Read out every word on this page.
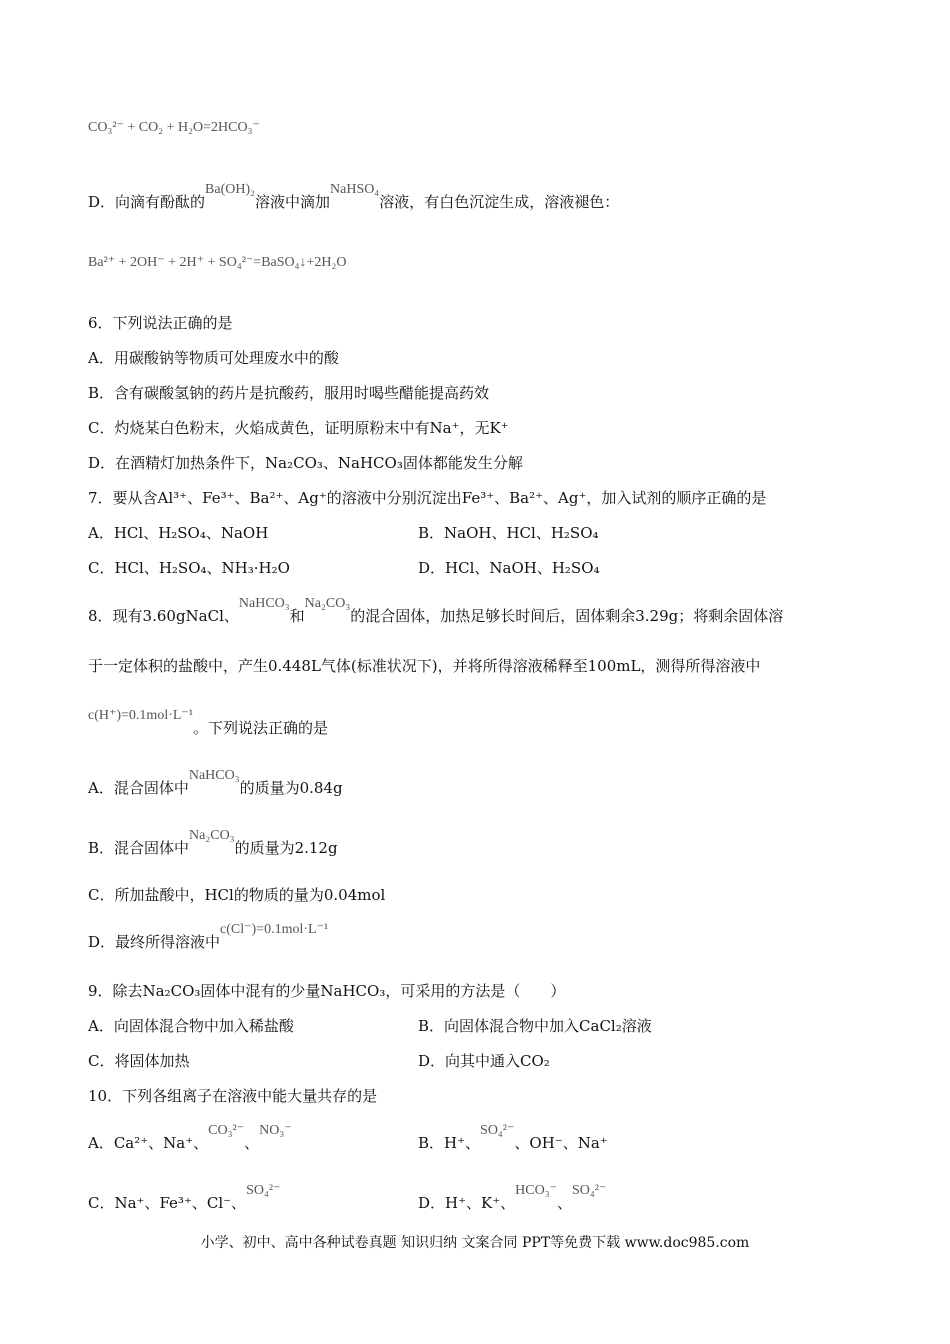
CO₃²⁻ + CO₂ + H₂O=2HCO₃⁻
D．向滴有酚酞的Ba(OH)₂溶液中滴加NaHSO₄溶液，有白色沉淀生成，溶液褪色：
Ba²⁺ + 2OH⁻ + 2H⁺ + SO₄²⁻=BaSO₄↓+2H₂O
6．下列说法正确的是
A．用碳酸钠等物质可处理废水中的酸
B．含有碳酸氢钠的药片是抗酸药，服用时喝些醋能提高药效
C．灼烧某白色粉末，火焰成黄色，证明原粉末中有Na⁺，无K⁺
D．在酒精灯加热条件下，Na₂CO₃、NaHCO₃固体都能发生分解
7．要从含Al³⁺、Fe³⁺、Ba²⁺、Ag⁺的溶液中分别沉淀出Fe³⁺、Ba²⁺、Ag⁺，加入试剂的顺序正确的是
A．HCl、H₂SO₄、NaOH	B．NaOH、HCl、H₂SO₄
C．HCl、H₂SO₄、NH₃·H₂O	D．HCl、NaOH、H₂SO₄
8．现有3.60gNaCl、NaHCO₃和Na₂CO₃的混合固体，加热足够长时间后，固体剩余3.29g；将剩余固体溶
于一定体积的盐酸中，产生0.448L气体(标准状况下)，并将所得溶液稀释至100mL，测得所得溶液中
c(H⁺)=0.1mol·L⁻¹。下列说法正确的是
A．混合固体中NaHCO₃的质量为0.84g
B．混合固体中Na₂CO₃的质量为2.12g
C．所加盐酸中，HCl的物质的量为0.04mol
D．最终所得溶液中c(Cl⁻)=0.1mol·L⁻¹
9．除去Na₂CO₃固体中混有的少量NaHCO₃，可采用的方法是（　　）
A．向固体混合物中加入稀盐酸	B．向固体混合物中加入CaCl₂溶液
C．将固体加热	D．向其中通入CO₂
10．下列各组离子在溶液中能大量共存的是
A．Ca²⁺、Na⁺、CO₃²⁻、NO₃⁻
B．H⁺、SO₄²⁻、OH⁻、Na⁺
C．Na⁺、Fe³⁺、Cl⁻、SO₄²⁻
D．H⁺、K⁺、HCO₃⁻、SO₄²⁻
小学、初中、高中各种试卷真题 知识归纳 文案合同 PPT等免费下载 www.doc985.com
